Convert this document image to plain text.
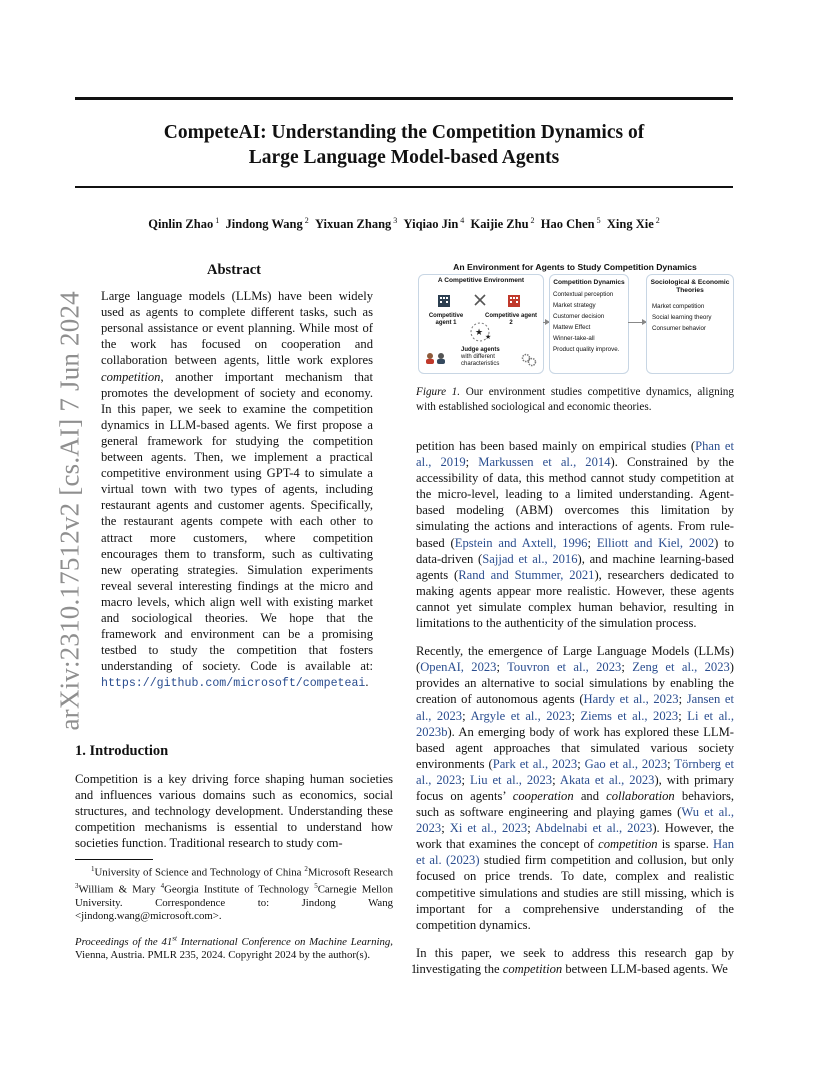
CompeteAI: Understanding the Competition Dynamics of
Large Language Model-based Agents
Qinlin Zhao $^1$  Jindong Wang $^2$  Yixuan Zhang $^3$  Yiqiao Jin $^4$  Kaijie Zhu $^2$  Hao Chen $^5$  Xing Xie $^2$
arXiv:2310.17512v2 [cs.AI] 7 Jun 2024
Abstract

Large language models (LLMs) have been widely used as agents to complete different tasks, such as personal assistance or event planning. While most of the work has focused on cooperation and collaboration between agents, little work explores competition, another important mechanism that promotes the development of society and economy. In this paper, we seek to examine the competition dynamics in LLM-based agents. We first propose a general framework for studying the competition between agents. Then, we implement a practical competitive environment using GPT-4 to simulate a virtual town with two types of agents, including restaurant agents and customer agents. Specifically, the restaurant agents compete with each other to attract more customers, where competition encourages them to transform, such as cultivating new operating strategies. Simulation experiments reveal several interesting findings at the micro and macro levels, which align well with existing market and sociological theories. We hope that the framework and environment can be a promising testbed to study the competition that fosters understanding of society. Code is available at: https://github.com/microsoft/competeai.

1. Introduction

Competition is a key driving force shaping human societies and influences various domains such as economics, social structures, and technology development. Understanding these competition mechanisms is essential to understand how societies function. Traditional research to study com-

$^1$University of Science and Technology of China $^2$Microsoft Research $^3$William & Mary $^4$Georgia Institute of Technology $^5$Carnegie Mellon University. Correspondence to: Jindong Wang <jindong.wang@microsoft.com>.
Proceedings of the 41st International Conference on Machine Learning, Vienna, Austria. PMLR 235, 2024. Copyright 2024 by the author(s).
An Environment for Agents to Study Competition Dynamics
A Competitive Environment
Competitive agent 1
Competitive agent 2
★
★
Judge agents
with different characteristics
Competition Dynamics
Contextual perception
Market strategy
Customer decision
Mattew Effect
Winner-take-all
Product quality improve.
Sociological & Economic Theories
Market competition
Social learning theory
Consumer behavior
Figure 1. Our environment studies competitive dynamics, aligning with established sociological and economic theories.

petition has been based mainly on empirical studies (Phan et al., 2019; Markussen et al., 2014). Constrained by the accessibility of data, this method cannot study competition at the micro-level, leading to a limited understanding. Agent-based modeling (ABM) overcomes this limitation by simulating the actions and interactions of agents. From rule-based (Epstein and Axtell, 1996; Elliott and Kiel, 2002) to data-driven (Sajjad et al., 2016), and machine learning-based agents (Rand and Stummer, 2021), researchers dedicated to making agents appear more realistic. However, these agents cannot yet simulate complex human behavior, resulting in limitations to the authenticity of the simulation process.

Recently, the emergence of Large Language Models (LLMs) (OpenAI, 2023; Touvron et al., 2023; Zeng et al., 2023) provides an alternative to social simulations by enabling the creation of autonomous agents (Hardy et al., 2023; Jansen et al., 2023; Argyle et al., 2023; Ziems et al., 2023; Li et al., 2023b). An emerging body of work has explored these LLM-based agent approaches that simulated various society environments (Park et al., 2023; Gao et al., 2023; Törnberg et al., 2023; Liu et al., 2023; Akata et al., 2023), with primary focus on agents’ cooperation and collaboration behaviors, such as software engineering and playing games (Wu et al., 2023; Xi et al., 2023; Abdelnabi et al., 2023). However, the work that examines the concept of competition is sparse. Han et al. (2023) studied firm competition and collusion, but only focused on price trends. To date, complex and realistic competitive simulations and studies are still missing, which is important for a comprehensive understanding of the competition dynamics.

In this paper, we seek to address this research gap by investigating the competition between LLM-based agents. We

1
